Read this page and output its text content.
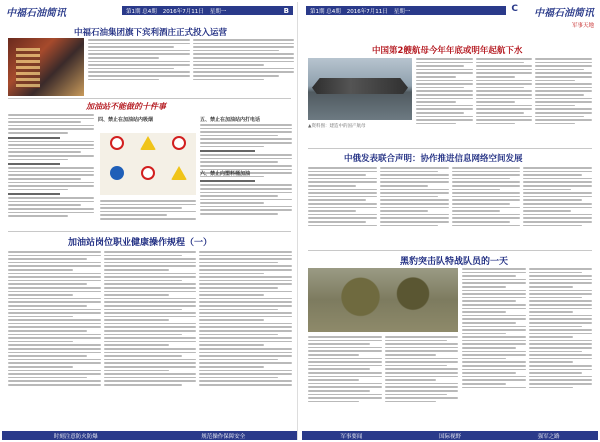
中福石油简讯	第1期 总4期 2016年7月11日 星期一	B
中福石油集团旗下宾利酒庄正式投入运营
加油站不能做的十件事
四、禁止在加油站内吸烟	五、禁止在加油站内打电话
六、禁止向塑料桶加油
加油站岗位职业健康操作规程（一）
时刻注意防火防爆	规范操作保障安全
第1期 总4期 2016年7月11日 星期一	C 中福石油简讯
军事天地
中国第2艘航母今年年底或明年起航下水
▲资料图：建造中的国产航母
中俄发表联合声明：协作推进信息网络空间发展
黑豹突击队特战队员的一天
军事要闻	国际视野	强军之路
